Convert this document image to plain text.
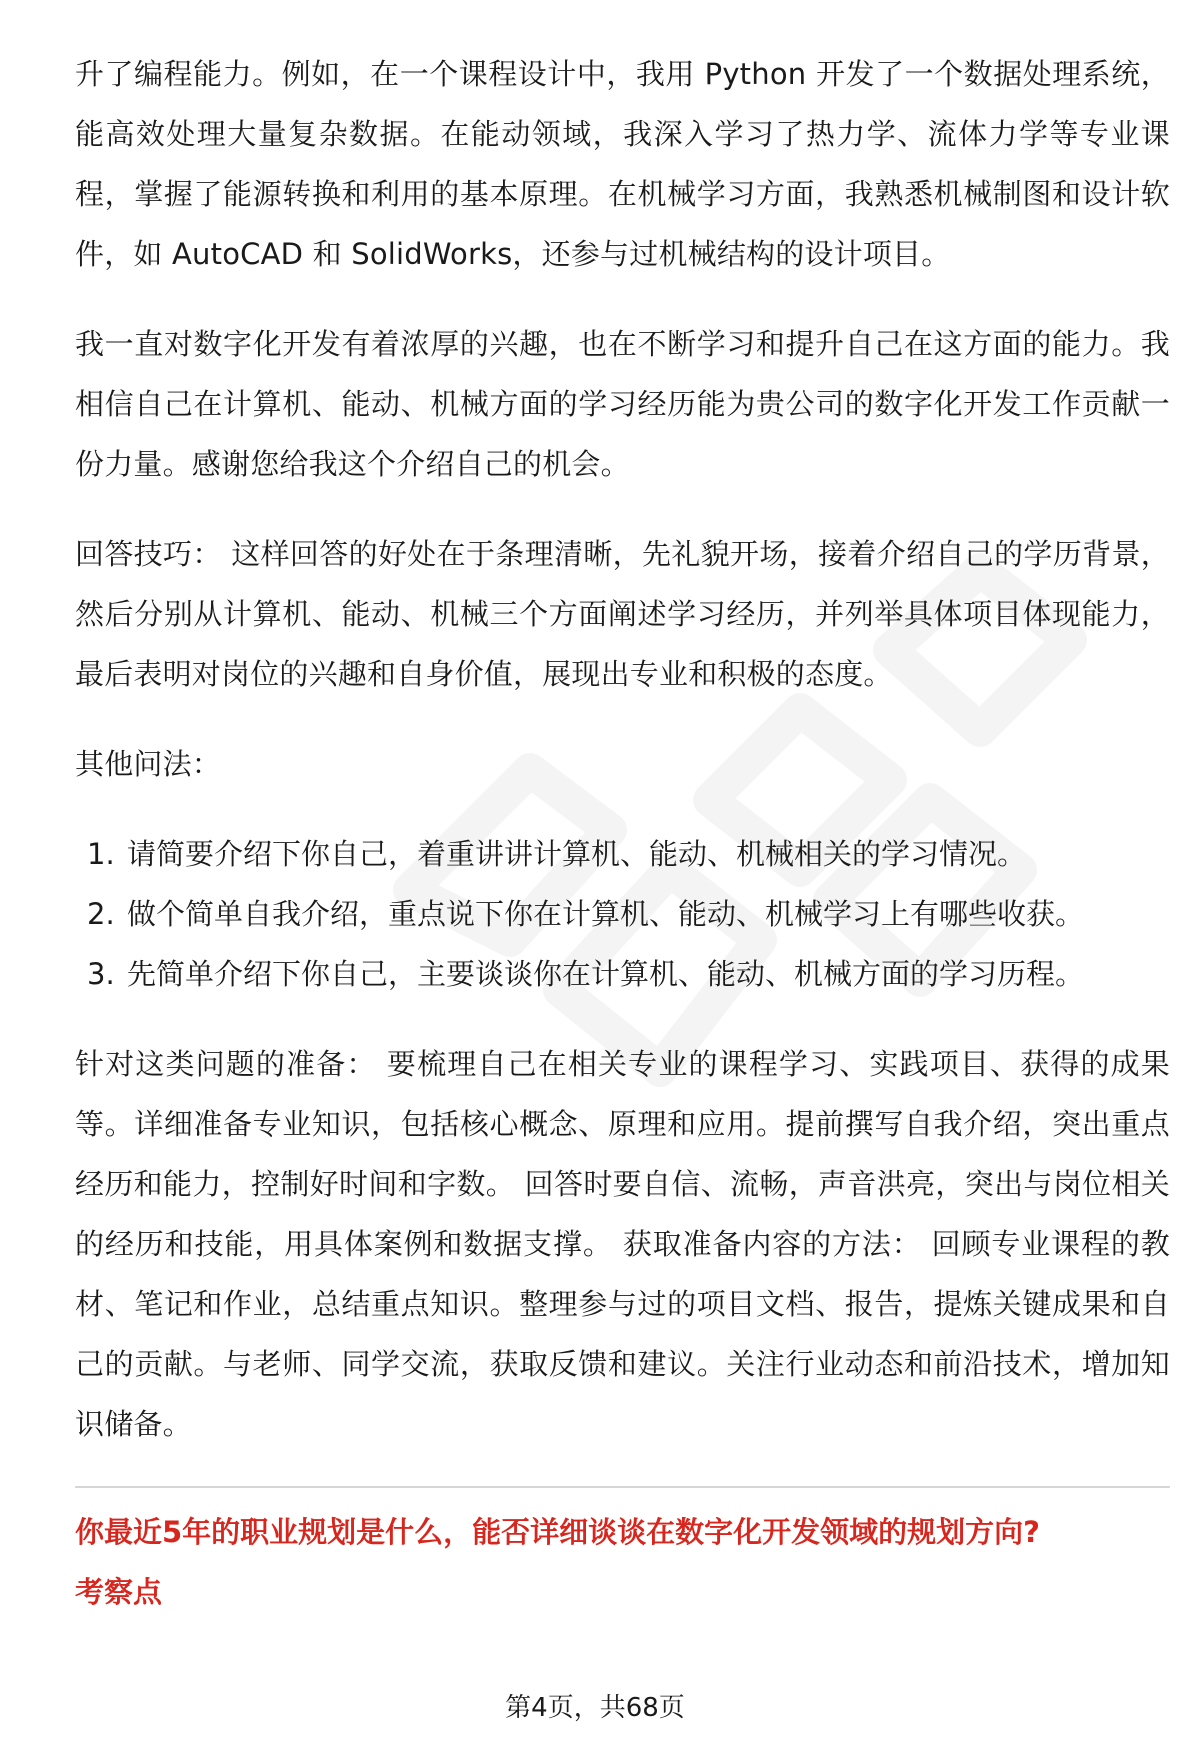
升了编程能力。例如，在一个课程设计中，我用 Python 开发了一个数据处理系统，能高效处理大量复杂数据。在能动领域，我深入学习了热力学、流体力学等专业课程，掌握了能源转换和利用的基本原理。在机械学习方面，我熟悉机械制图和设计软件，如 AutoCAD 和 SolidWorks，还参与过机械结构的设计项目。

我一直对数字化开发有着浓厚的兴趣，也在不断学习和提升自己在这方面的能力。我相信自己在计算机、能动、机械方面的学习经历能为贵公司的数字化开发工作贡献一份力量。感谢您给我这个介绍自己的机会。

回答技巧： 这样回答的好处在于条理清晰，先礼貌开场，接着介绍自己的学历背景，然后分别从计算机、能动、机械三个方面阐述学习经历，并列举具体项目体现能力，最后表明对岗位的兴趣和自身价值，展现出专业和积极的态度。

其他问法：

1. 请简要介绍下你自己，着重讲讲计算机、能动、机械相关的学习情况。
2. 做个简单自我介绍，重点说下你在计算机、能动、机械学习上有哪些收获。
3. 先简单介绍下你自己，主要谈谈你在计算机、能动、机械方面的学习历程。

针对这类问题的准备： 要梳理自己在相关专业的课程学习、实践项目、获得的成果等。详细准备专业知识，包括核心概念、原理和应用。提前撰写自我介绍，突出重点经历和能力，控制好时间和字数。 回答时要自信、流畅，声音洪亮，突出与岗位相关的经历和技能，用具体案例和数据支撑。 获取准备内容的方法： 回顾专业课程的教材、笔记和作业，总结重点知识。整理参与过的项目文档、报告，提炼关键成果和自己的贡献。与老师、同学交流，获取反馈和建议。关注行业动态和前沿技术，增加知识储备。

你最近5年的职业规划是什么，能否详细谈谈在数字化开发领域的规划方向?

考察点

第4页，共68页
